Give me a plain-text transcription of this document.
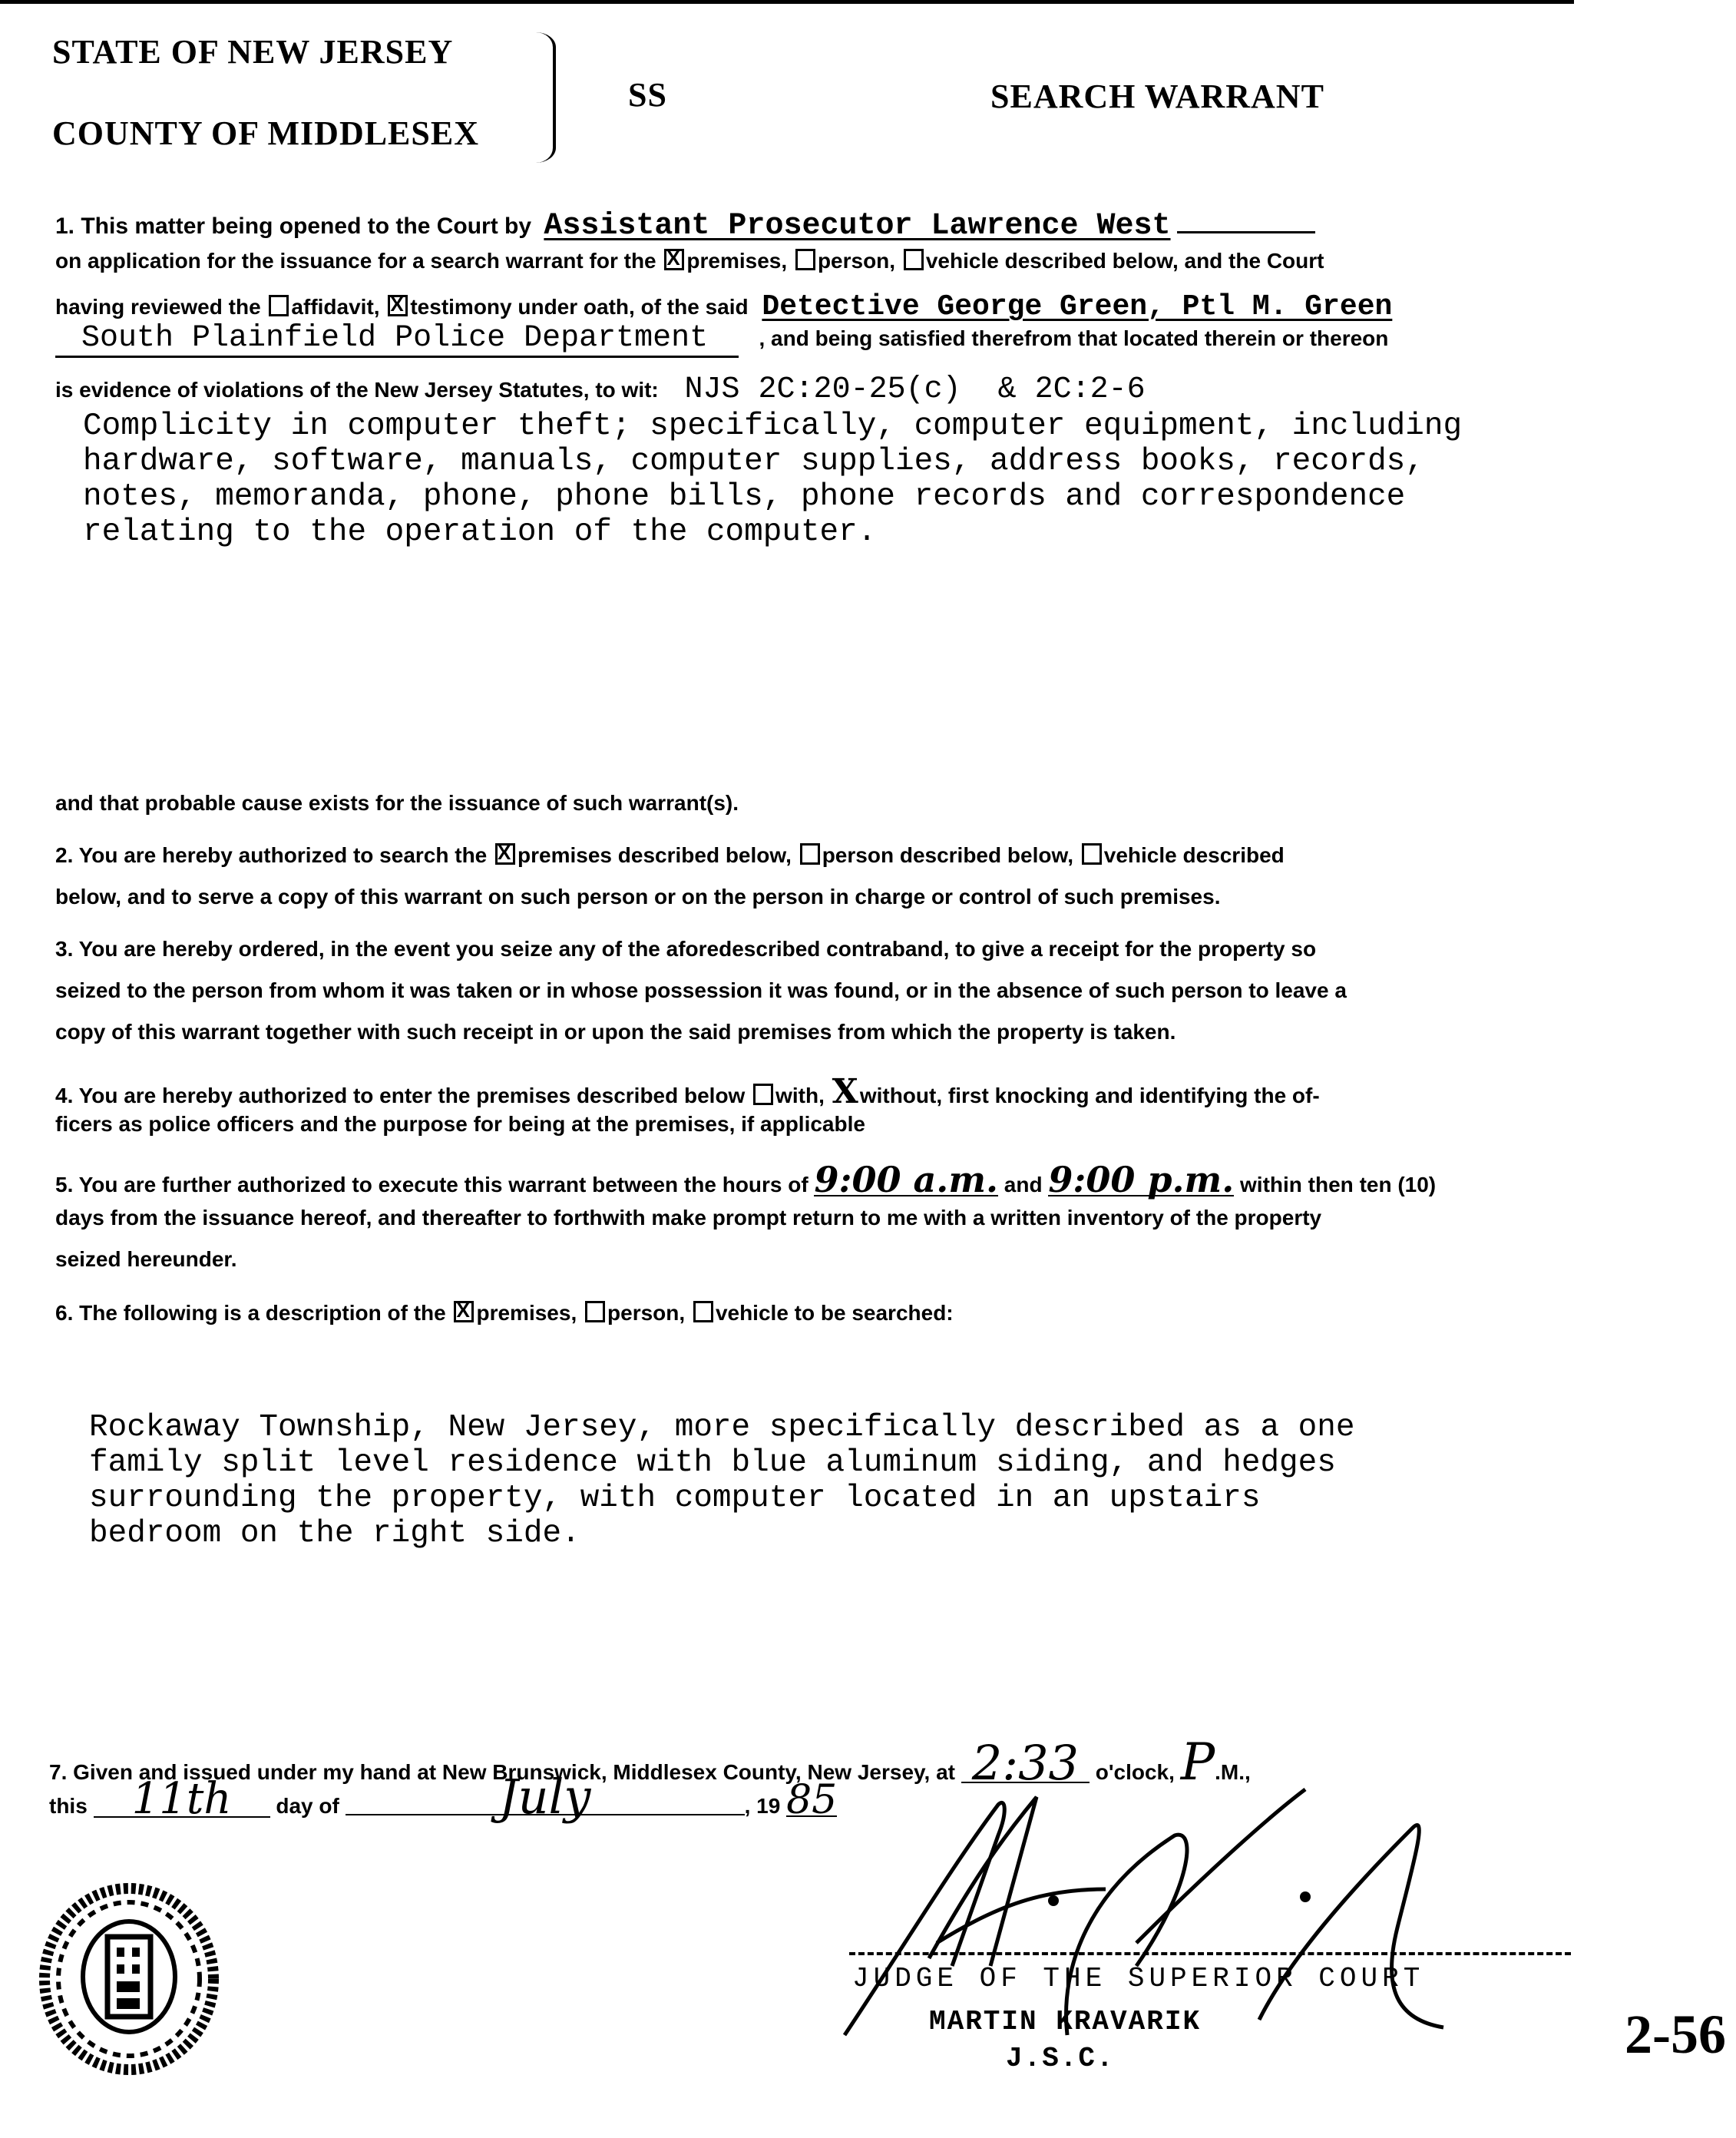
STATE OF NEW JERSEY
COUNTY OF MIDDLESEX
SS	SEARCH WARRANT
1. This matter being opened to the Court by Assistant Prosecutor Lawrence West
on application for the issuance for a search warrant for the X premises, person, vehicle described below, and the Court
having reviewed the affidavit, X testimony under oath, of the said Detective George Green, Ptl M. Green
South Plainfield Police Department , and being satisfied therefrom that located therein or thereon
is evidence of violations of the New Jersey Statutes, to wit: NJS 2C:20-25(c)  & 2C:2-6
Complicity in computer theft; specifically, computer equipment, including
hardware, software, manuals, computer supplies, address books, records,
notes, memoranda, phone, phone bills, phone records and correspondence
relating to the operation of the computer.
and that probable cause exists for the issuance of such warrant(s).
2. You are hereby authorized to search the X premises described below, person described below, vehicle described
below, and to serve a copy of this warrant on such person or on the person in charge or control of such premises.
3. You are hereby ordered, in the event you seize any of the aforedescribed contraband, to give a receipt for the property so
seized to the person from whom it was taken or in whose possession it was found, or in the absence of such person to leave a
copy of this warrant together with such receipt in or upon the said premises from which the property is taken.
4. You are hereby authorized to enter the premises described below with, Xwithout, first knocking and identifying the of-
ficers as police officers and the purpose for being at the premises, if applicable
5. You are further authorized to execute this warrant between the hours of 9:00 a.m. and 9:00 p.m. within then ten (10)
days from the issuance hereof, and thereafter to forthwith make prompt return to me with a written inventory of the property
seized hereunder.
6. The following is a description of the X premises, person, vehicle to be searched:
Rockaway Township, New Jersey, more specifically described as a one
family split level residence with blue aluminum siding, and hedges
surrounding the property, with computer located in an upstairs
bedroom on the right side.
7. Given and issued under my hand at New Brunswick, Middlesex County, New Jersey, at 2:33 o'clock, P.M.,
this 11th day of	July	, 19 85
JUDGE OF THE SUPERIOR COURT
MARTIN KRAVARIK
J.S.C.	2-56
